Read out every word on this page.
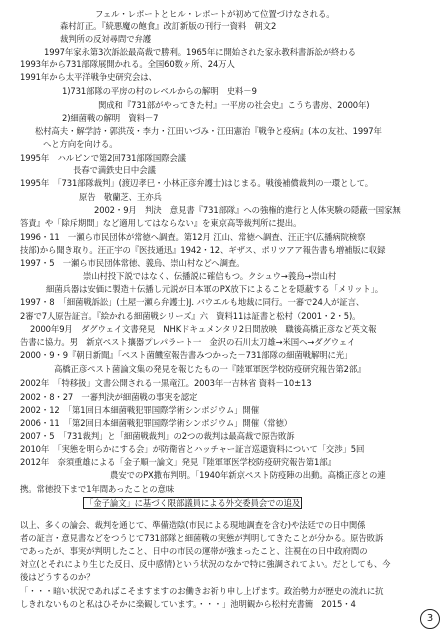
フェル・レポートとヒル・レポートが初めて位置づけなされる。
森村訂正。『続悪魔の飽食』改訂新版の刊行一資料　朝文2
裁判所の反対尋問で弁護
1997年家永第3次訴訟最高裁で勝利。1965年に開始された家永教科書訴訟が終わる
1993年から731部隊展開かれる。全国60数ヶ所、24万人
1991年から太平洋戦争史研究会は、
1)731部隊の平房の村のレベルからの解明　史料－9
関成和『731部がやってきた村』一平房の社会史』こうち書房、2000年)
2)細菌戦の解明　資料－7
松村高夫・解学詩・郭洪茂・李力・江田いづみ・江田憲治『戦争と疫病』(本の友社、1997年
へと方向を向ける。
1995年　ハルピンで第2回731部隊国際会議
長春で満鉄史日中会議
1995年　「731部隊裁判」(渡辺孝巳・小林正彦弁護士)はじまる。戦後補償裁判の一環として。
原告　敬蘭芝、王亦兵
2002・9月　判決　意見書『731部隊』への強権的進行と人体実験の隠蔽一国家無
答責』や「除斥期間」など適用してはならない』を東京高等裁判所に提出。
1996・11　一瀬ら市民団体が常徳へ調査。第12月 江山、常徳へ調査、汪正宇(広播病院検察
技部)から聞き取り。汪正宇の『医技通迅』1942・12、ギザス、ポリツアア報告書も増補版に収録
1997・5　一瀬ら市民団体常徳、義烏、崇山村などへ調査。
崇山村投下説ではなく、伝播説に確信もつ。クシュウ→義烏→崇山村
細菌兵器は安価に製造＋伝播し元説が日本軍のPX放下によることを隠蔽する「メリット」。
1997・8　「細菌戦訴訟」(土屋一瀬ら弁護士)J. バウエルも地裁に同行。一審で24人が証言、
2審で7人原告証言。『絵かれる細菌戦シリーズ』六　資料11は証書と松村（2001・2・5)。
2000年9月　ダグウェイ文書発見　NHKドキュメンタリ2日間放映　職後高橋正彦など英文報
告書に協力。男　新京ペスト攘器プレパラート一　金沢の石川太刀雄→米国へ→ダグウェイ
2000・9・9『朝日新聞』「ペスト菌饑室報告書みつかった－731部隊の細菌戦解明に光」
高橋正彦ペスト菌論文集の発見を報じたもの一『陸軍軍医学校防疫研究報告第2部』
2002年　「特移扱」文書公開される一黒竜江。2003年一吉林省 資料－10±13
2002・8・27　一審判決が細菌戦の事実を認定
2002・12　「第1回日本細菌戦犯罪国際学術シンポジウム」開催
2006・11　「第2回日本細菌戦犯罪国際学術シンポジウム」開催（常徳）
2007・5　「731裁判」と「細菌戦裁判」の2つの裁判は最高裁で原告敗訴
2010年　「実態を明らかにする会」が防衛省とハッチャー証言巡還資料について「交渉」5回
2012年　奈須重雄による「金子順一論文」発見『陸軍軍医学校防疫研究報告第1部』
農安でのPX撒布判明。「1940年新京ペスト防疫陣の出動。高橋正彦との連
携。常徳投下まで1年間あったことの意味
「金子論文」に基づく限部議員による外交委員会での追及
以上、多くの論会、裁判を通じて、準備造陰(市民による現地調査を含む)や法廷での日中関係
者の証言・意見書などをつうじて731部隊と細菌戦の実態が判明してきたことが分かる。原告敗訴
であったが、事実が判明したこと、日中の市民の運帯が強まったこと、注視在の日中政府間の
対立(とそれにより生じた反日、反中感情)という状況のなかで特に強調されてよい。だとしても、今
後はどうするのか？
「・・・暗い状況であればこそますますのお働きお祈り申し上げます。政治勢力が歴史の流れに抗
しきれないものと私はひそかに楽観しています。・・・」池明観から松村充書簡　2015・4
3
